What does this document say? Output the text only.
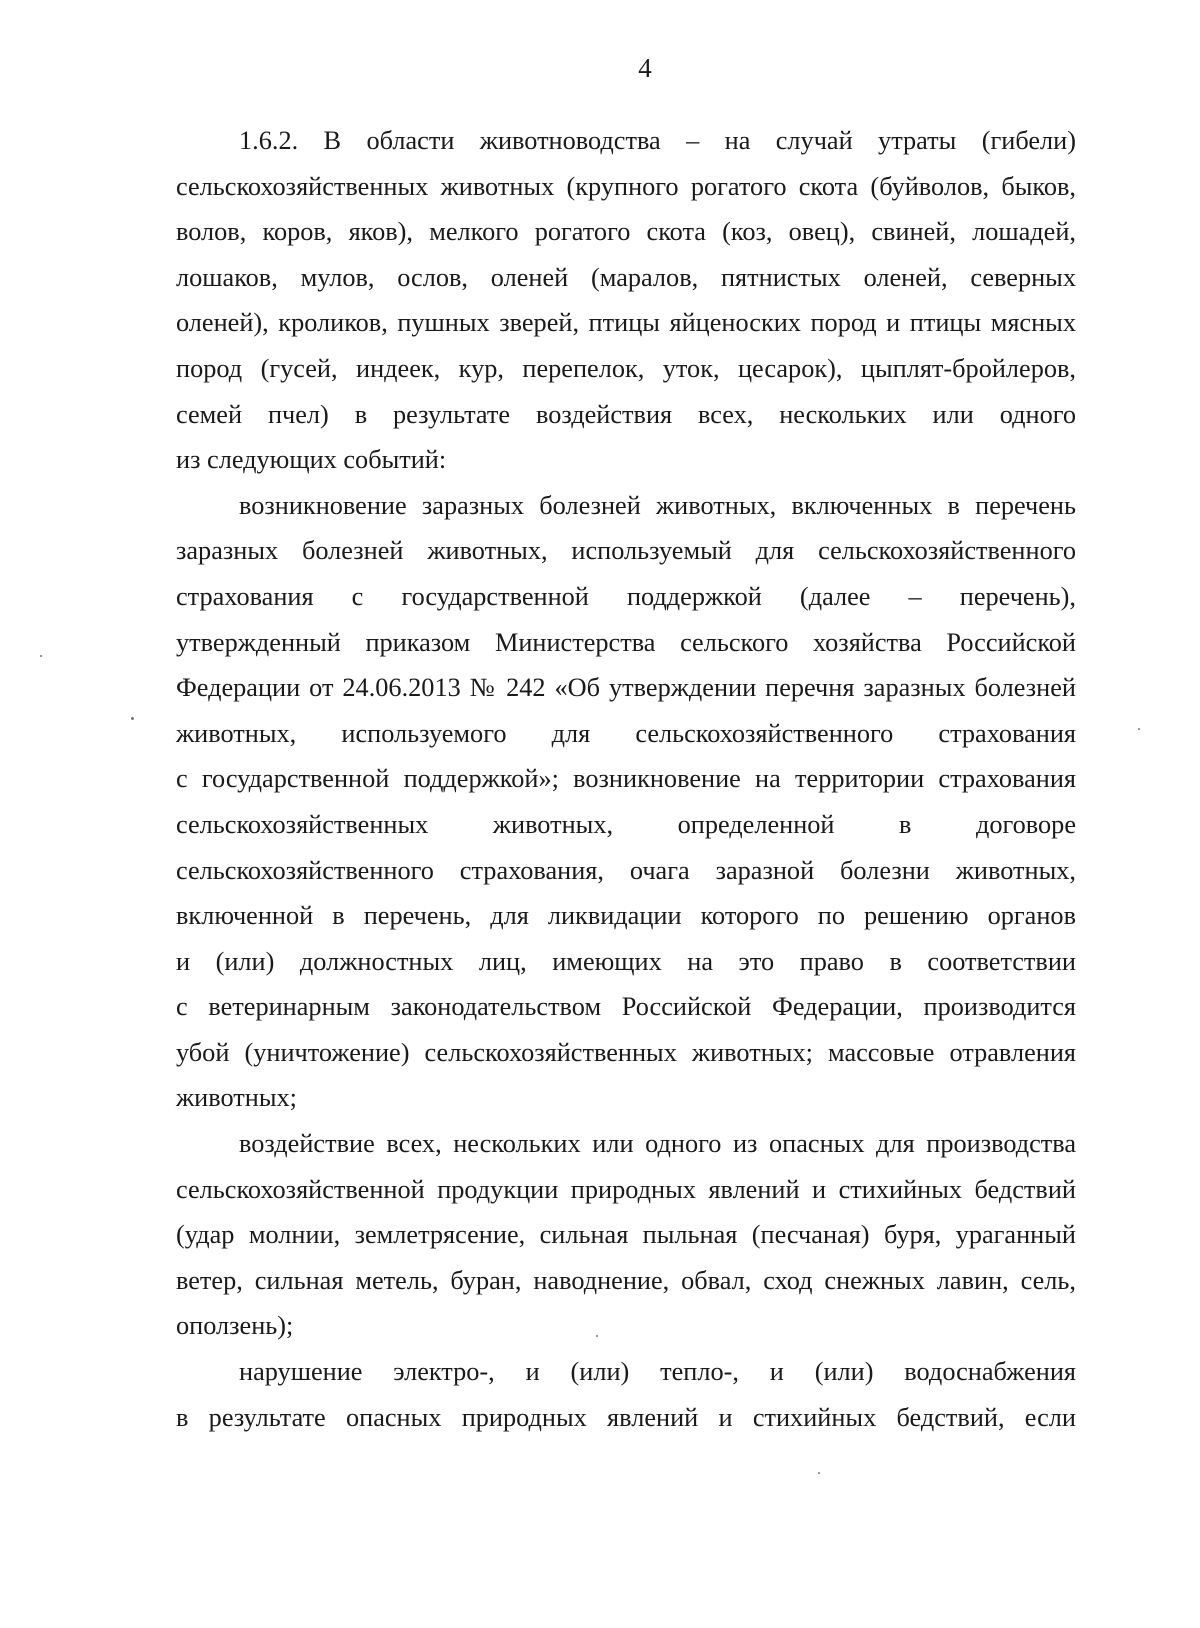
4
1.6.2. В области животноводства – на случай утраты (гибели)
сельскохозяйственных животных (крупного рогатого скота (буйволов, быков,
волов, коров, яков), мелкого рогатого скота (коз, овец), свиней, лошадей,
лошаков, мулов, ослов, оленей (маралов, пятнистых оленей, северных
оленей), кроликов, пушных зверей, птицы яйценоских пород и птицы мясных
пород (гусей, индеек, кур, перепелок, уток, цесарок), цыплят-бройлеров,
семей пчел) в результате воздействия всех, нескольких или одного
из следующих событий:
возникновение заразных болезней животных, включенных в перечень
заразных болезней животных, используемый для сельскохозяйственного
страхования с государственной поддержкой (далее – перечень),
утвержденный приказом Министерства сельского хозяйства Российской
Федерации от 24.06.2013 № 242 «Об утверждении перечня заразных болезней
животных, используемого для сельскохозяйственного страхования
с государственной поддержкой»; возникновение на территории страхования
сельскохозяйственных животных, определенной в договоре
сельскохозяйственного страхования, очага заразной болезни животных,
включенной в перечень, для ликвидации которого по решению органов
и (или) должностных лиц, имеющих на это право в соответствии
с ветеринарным законодательством Российской Федерации, производится
убой (уничтожение) сельскохозяйственных животных; массовые отравления
животных;
воздействие всех, нескольких или одного из опасных для производства
сельскохозяйственной продукции природных явлений и стихийных бедствий
(удар молнии, землетрясение, сильная пыльная (песчаная) буря, ураганный
ветер, сильная метель, буран, наводнение, обвал, сход снежных лавин, сель,
оползень);
нарушение электро-, и (или) тепло-, и (или) водоснабжения
в результате опасных природных явлений и стихийных бедствий, если
